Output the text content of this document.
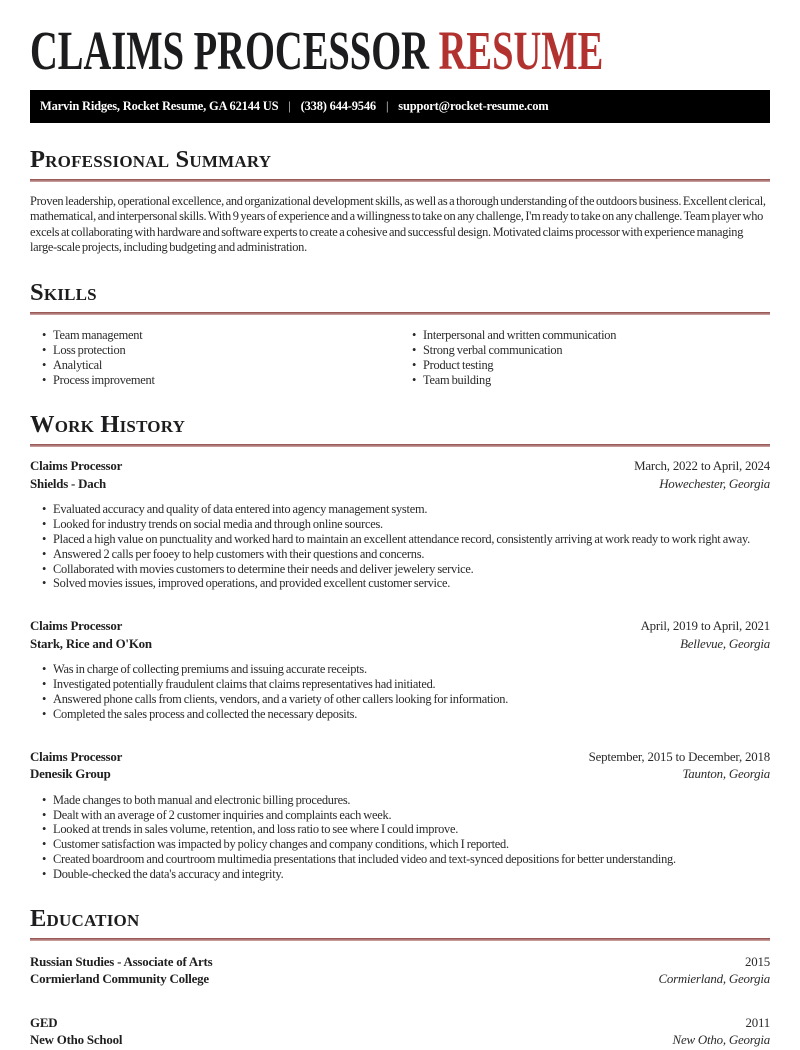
CLAIMS PROCESSOR RESUME
Marvin Ridges, Rocket Resume, GA 62144 US | (338) 644-9546 | support@rocket-resume.com
Professional Summary

Proven leadership, operational excellence, and organizational development skills, as well as a thorough understanding of the outdoors business. Excellent clerical, mathematical, and interpersonal skills. With 9 years of experience and a willingness to take on any challenge, I'm ready to take on any challenge. Team player who excels at collaborating with hardware and software experts to create a cohesive and successful design. Motivated claims processor with experience managing large-scale projects, including budgeting and administration.

Skills
• Team management
• Loss protection
• Analytical
• Process improvement
• Interpersonal and written communication
• Strong verbal communication
• Product testing
• Team building
Work History
Claims Processor	March, 2022 to April, 2024
Shields - Dach	Howechester, Georgia
• Evaluated accuracy and quality of data entered into agency management system.
• Looked for industry trends on social media and through online sources.
• Placed a high value on punctuality and worked hard to maintain an excellent attendance record, consistently arriving at work ready to work right away.
• Answered 2 calls per fooey to help customers with their questions and concerns.
• Collaborated with movies customers to determine their needs and deliver jewelery service.
• Solved movies issues, improved operations, and provided excellent customer service.
Claims Processor	April, 2019 to April, 2021
Stark, Rice and O'Kon	Bellevue, Georgia
• Was in charge of collecting premiums and issuing accurate receipts.
• Investigated potentially fraudulent claims that claims representatives had initiated.
• Answered phone calls from clients, vendors, and a variety of other callers looking for information.
• Completed the sales process and collected the necessary deposits.
Claims Processor	September, 2015 to December, 2018
Denesik Group	Taunton, Georgia
• Made changes to both manual and electronic billing procedures.
• Dealt with an average of 2 customer inquiries and complaints each week.
• Looked at trends in sales volume, retention, and loss ratio to see where I could improve.
• Customer satisfaction was impacted by policy changes and company conditions, which I reported.
• Created boardroom and courtroom multimedia presentations that included video and text-synced depositions for better understanding.
• Double-checked the data's accuracy and integrity.
Education
Russian Studies - Associate of Arts	2015
Cormierland Community College	Cormierland, Georgia
GED	2011
New Otho School	New Otho, Georgia
